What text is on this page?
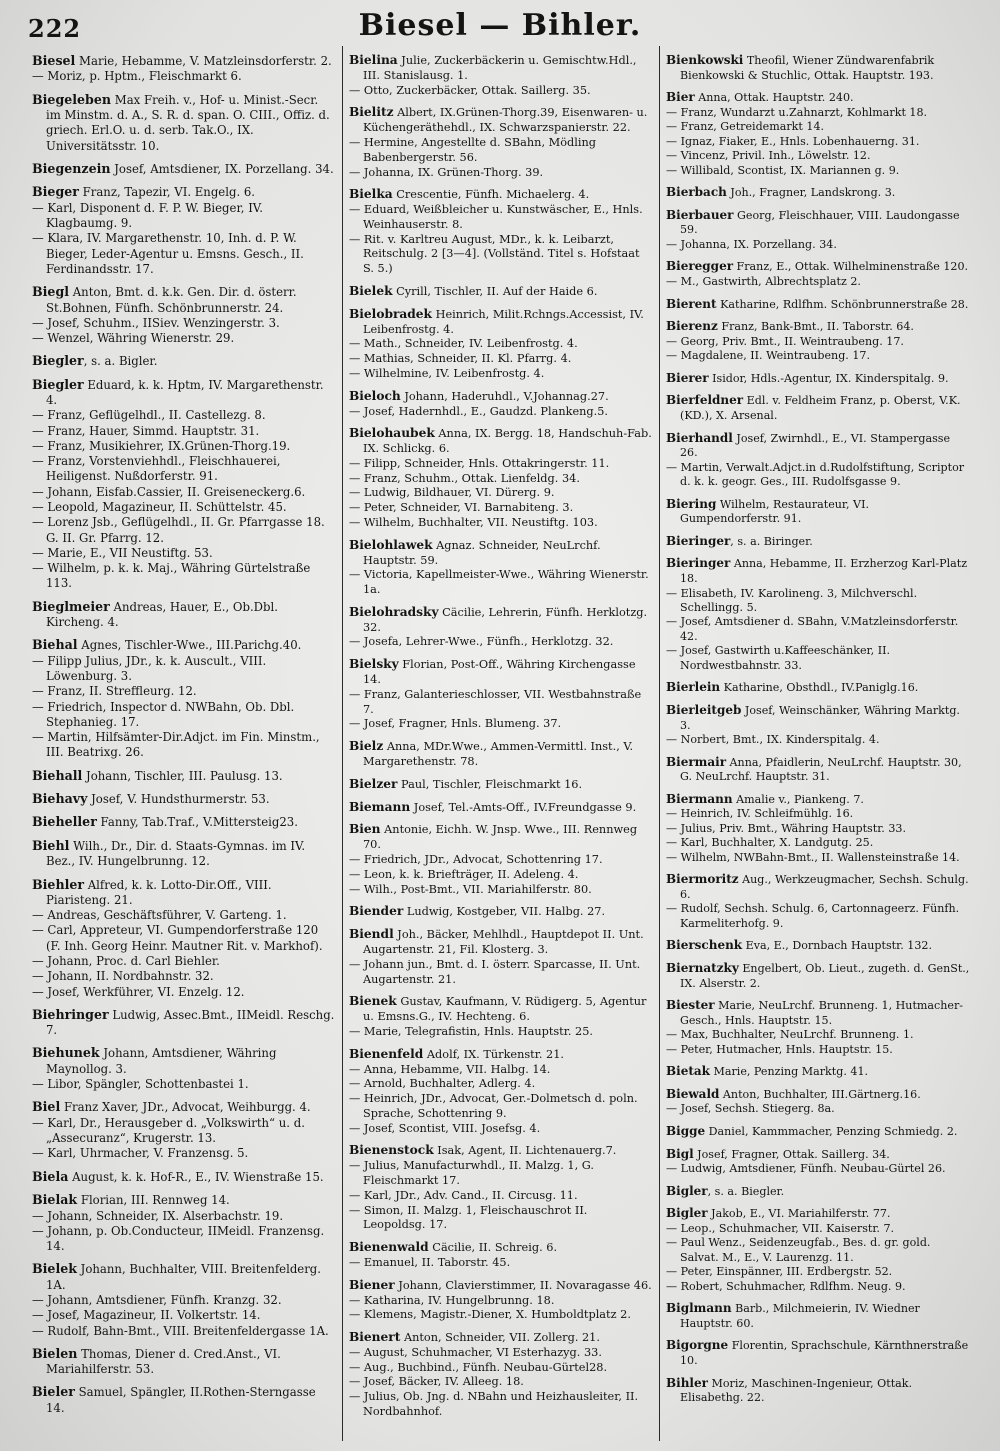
222	Biesel — Bihler.

Biesel Marie, Hebamme, V. Matzleinsdorferstr. 2.

— Moriz, p. Hptm., Fleischmarkt 6.

Biegeleben Max Freih. v., Hof- u. Minist.-Secr. im Minstm. d. A., S. R. d. span. O. CIII., Offiz. d. griech. Erl.O. u. d. serb. Tak.O., IX. Universitätsstr. 10.

Biegenzein Josef, Amtsdiener, IX. Porzellang. 34.

Bieger Franz, Tapezir, VI. Engelg. 6.

— Karl, Disponent d. F. P. W. Bieger, IV. Klagbaumg. 9.

— Klara, IV. Margarethenstr. 10, Inh. d. P. W. Bieger, Leder-Agentur u. Emsns. Gesch., II. Ferdinandsstr. 17.

Biegl Anton, Bmt. d. k.k. Gen. Dir. d. österr. St.Bohnen, Fünfh. Schönbrunnerstr. 24.

— Josef, Schuhm., IISiev. Wenzingerstr. 3.

— Wenzel, Währing Wienerstr. 29.

Biegler, s. a. Bigler.

Biegler Eduard, k. k. Hptm, IV. Margarethenstr. 4.

— Franz, Geflügelhdl., II. Castellezg. 8.

— Franz, Hauer, Simmd. Hauptstr. 31.

— Franz, Musikiehrer, IX.Grünen-Thorg.19.

— Franz, Vorstenviehhdl., Fleischhauerei, Heiligenst. Nußdorferstr. 91.

— Johann, Eisfab.Cassier, II. Greiseneckerg.6.

— Leopold, Magazineur, II. Schüttelstr. 45.

— Lorenz Jsb., Geflügelhdl., II. Gr. Pfarrgasse 18. G. II. Gr. Pfarrg. 12.

— Marie, E., VII Neustiftg. 53.

— Wilhelm, p. k. k. Maj., Währing Gürtelstraße 113.

Bieglmeier Andreas, Hauer, E., Ob.Dbl. Kircheng. 4.

Biehal Agnes, Tischler-Wwe., III.Parichg.40.

— Filipp Julius, JDr., k. k. Auscult., VIII. Löwenburg. 3.

— Franz, II. Streffleurg. 12.

— Friedrich, Inspector d. NWBahn, Ob. Dbl. Stephanieg. 17.

— Martin, Hilfsämter-Dir.Adjct. im Fin. Minstm., III. Beatrixg. 26.

Biehall Johann, Tischler, III. Paulusg. 13.

Biehavy Josef, V. Hundsthurmerstr. 53.

Bieheller Fanny, Tab.Traf., V.Mittersteig23.

Biehl Wilh., Dr., Dir. d. Staats-Gymnas. im IV. Bez., IV. Hungelbrunng. 12.

Biehler Alfred, k. k. Lotto-Dir.Off., VIII. Piaristeng. 21.

— Andreas, Geschäftsführer, V. Garteng. 1.

— Carl, Appreteur, VI. Gumpendorferstraße 120 (F. Inh. Georg Heinr. Mautner Rit. v. Markhof).

— Johann, Proc. d. Carl Biehler.

— Johann, II. Nordbahnstr. 32.

— Josef, Werkführer, VI. Enzelg. 12.

Biehringer Ludwig, Assec.Bmt., IIMeidl. Reschg. 7.

Biehunek Johann, Amtsdiener, Währing Maynollog. 3.

— Libor, Spängler, Schottenbastei 1.

Biel Franz Xaver, JDr., Advocat, Weihburgg. 4.

— Karl, Dr., Herausgeber d. „Volkswirth“ u. d. „Assecuranz“, Krugerstr. 13.

— Karl, Uhrmacher, V. Franzensg. 5.

Biela August, k. k. Hof-R., E., IV. Wienstraße 15.

Bielak Florian, III. Rennweg 14.

— Johann, Schneider, IX. Alserbachstr. 19.

— Johann, p. Ob.Conducteur, IIMeidl. Franzensg. 14.

Bielek Johann, Buchhalter, VIII. Breitenfelderg. 1A.

— Johann, Amtsdiener, Fünfh. Kranzg. 32.

— Josef, Magazineur, II. Volkertstr. 14.

— Rudolf, Bahn-Bmt., VIII. Breitenfeldergasse 1A.

Bielen Thomas, Diener d. Cred.Anst., VI. Mariahilferstr. 53.

Bieler Samuel, Spängler, II.Rothen-Sterngasse 14.

Bielina Julie, Zuckerbäckerin u. Gemischtw.Hdl., III. Stanislausg. 1.

— Otto, Zuckerbäcker, Ottak. Saillerg. 35.

Bielitz Albert, IX.Grünen-Thorg.39, Eisenwaren- u. Küchengeräthehdl., IX. Schwarzspanierstr. 22.

— Hermine, Angestellte d. SBahn, Mödling Babenbergerstr. 56.

— Johanna, IX. Grünen-Thorg. 39.

Bielka Crescentie, Fünfh. Michaelerg. 4.

— Eduard, Weißbleicher u. Kunstwäscher, E., Hnls. Weinhauserstr. 8.

— Rit. v. Karltreu August, MDr., k. k. Leibarzt, Reitschulg. 2 [3—4]. (Vollständ. Titel s. Hofstaat S. 5.)

Bielek Cyrill, Tischler, II. Auf der Haide 6.

Bielobradek Heinrich, Milit.Rchngs.Accessist, IV. Leibenfrostg. 4.

— Math., Schneider, IV. Leibenfrostg. 4.

— Mathias, Schneider, II. Kl. Pfarrg. 4.

— Wilhelmine, IV. Leibenfrostg. 4.

Bieloch Johann, Haderuhdl., V.Johannag.27.

— Josef, Hadernhdl., E., Gaudzd. Plankeng.5.

Bielohaubek Anna, IX. Bergg. 18, Handschuh-Fab. IX. Schlickg. 6.

— Filipp, Schneider, Hnls. Ottakringerstr. 11.

— Franz, Schuhm., Ottak. Lienfeldg. 34.

— Ludwig, Bildhauer, VI. Dürerg. 9.

— Peter, Schneider, VI. Barnabiteng. 3.

— Wilhelm, Buchhalter, VII. Neustiftg. 103.

Bielohlawek Agnaz. Schneider, NeuLrchf. Hauptstr. 59.

— Victoria, Kapellmeister-Wwe., Währing Wienerstr. 1a.

Bielohradsky Cäcilie, Lehrerin, Fünfh. Herklotzg. 32.

— Josefa, Lehrer-Wwe., Fünfh., Herklotzg. 32.

Bielsky Florian, Post-Off., Währing Kirchengasse 14.

— Franz, Galanterieschlosser, VII. Westbahnstraße 7.

— Josef, Fragner, Hnls. Blumeng. 37.

Bielz Anna, MDr.Wwe., Ammen-Vermittl. Inst., V. Margarethenstr. 78.

Bielzer Paul, Tischler, Fleischmarkt 16.

Biemann Josef, Tel.-Amts-Off., IV.Freundgasse 9.

Bien Antonie, Eichh. W. Jnsp. Wwe., III. Rennweg 70.

— Friedrich, JDr., Advocat, Schottenring 17.

— Leon, k. k. Briefträger, II. Adeleng. 4.

— Wilh., Post-Bmt., VII. Mariahilferstr. 80.

Biender Ludwig, Kostgeber, VII. Halbg. 27.

Biendl Joh., Bäcker, Mehlhdl., Hauptdepot II. Unt. Augartenstr. 21, Fil. Klosterg. 3.

— Johann jun., Bmt. d. I. österr. Sparcasse, II. Unt. Augartenstr. 21.

Bienek Gustav, Kaufmann, V. Rüdigerg. 5, Agentur u. Emsns.G., IV. Hechteng. 6.

— Marie, Telegrafistin, Hnls. Hauptstr. 25.

Bienenfeld Adolf, IX. Türkenstr. 21.

— Anna, Hebamme, VII. Halbg. 14.

— Arnold, Buchhalter, Adlerg. 4.

— Heinrich, JDr., Advocat, Ger.-Dolmetsch d. poln. Sprache, Schottenring 9.

— Josef, Scontist, VIII. Josefsg. 4.

Bienenstock Isak, Agent, II. Lichtenauerg.7.

— Julius, Manufacturwhdl., II. Malzg. 1, G. Fleischmarkt 17.

— Karl, JDr., Adv. Cand., II. Circusg. 11.

— Simon, II. Malzg. 1, Fleischauschrot II. Leopoldsg. 17.

Bienenwald Cäcilie, II. Schreig. 6.

— Emanuel, II. Taborstr. 45.

Biener Johann, Clavierstimmer, II. Novaragasse 46.

— Katharina, IV. Hungelbrunng. 18.

— Klemens, Magistr.-Diener, X. Humboldtplatz 2.

Bienert Anton, Schneider, VII. Zollerg. 21.

— August, Schuhmacher, VI Esterhazyg. 33.

— Aug., Buchbind., Fünfh. Neubau-Gürtel28.

— Josef, Bäcker, IV. Alleeg. 18.

— Julius, Ob. Jng. d. NBahn und Heizhausleiter, II. Nordbahnhof.

Bienkowski Theofil, Wiener Zündwarenfabrik Bienkowski & Stuchlic, Ottak. Hauptstr. 193.

Bier Anna, Ottak. Hauptstr. 240.

— Franz, Wundarzt u.Zahnarzt, Kohlmarkt 18.

— Franz, Getreidemarkt 14.

— Ignaz, Fiaker, E., Hnls. Lobenhauerng. 31.

— Vincenz, Privil. Inh., Löwelstr. 12.

— Willibald, Scontist, IX. Mariannen g. 9.

Bierbach Joh., Fragner, Landskrong. 3.

Bierbauer Georg, Fleischhauer, VIII. Laudongasse 59.

— Johanna, IX. Porzellang. 34.

Bieregger Franz, E., Ottak. Wilhelminenstraße 120.

— M., Gastwirth, Albrechtsplatz 2.

Bierent Katharine, Rdlfhm. Schönbrunnerstraße 28.

Bierenz Franz, Bank-Bmt., II. Taborstr. 64.

— Georg, Priv. Bmt., II. Weintraubeng. 17.

— Magdalene, II. Weintraubeng. 17.

Bierer Isidor, Hdls.-Agentur, IX. Kinderspitalg. 9.

Bierfeldner Edl. v. Feldheim Franz, p. Oberst, V.K. (KD.), X. Arsenal.

Bierhandl Josef, Zwirnhdl., E., VI. Stampergasse 26.

— Martin, Verwalt.Adjct.in d.Rudolfstiftung, Scriptor d. k. k. geogr. Ges., III. Rudolfsgasse 9.

Biering Wilhelm, Restaurateur, VI. Gumpendorferstr. 91.

Bieringer, s. a. Biringer.

Bieringer Anna, Hebamme, II. Erzherzog Karl-Platz 18.

— Elisabeth, IV. Karolineng. 3, Milchverschl. Schellingg. 5.

— Josef, Amtsdiener d. SBahn, V.Matzleinsdorferstr. 42.

— Josef, Gastwirth u.Kaffeeschänker, II. Nordwestbahnstr. 33.

Bierlein Katharine, Obsthdl., IV.Paniglg.16.

Bierleitgeb Josef, Weinschänker, Währing Marktg. 3.

— Norbert, Bmt., IX. Kinderspitalg. 4.

Biermair Anna, Pfaidlerin, NeuLrchf. Hauptstr. 30, G. NeuLrchf. Hauptstr. 31.

Biermann Amalie v., Piankeng. 7.

— Heinrich, IV. Schleifmühlg. 16.

— Julius, Priv. Bmt., Währing Hauptstr. 33.

— Karl, Buchhalter, X. Landgutg. 25.

— Wilhelm, NWBahn-Bmt., II. Wallensteinstraße 14.

Biermoritz Aug., Werkzeugmacher, Sechsh. Schulg. 6.

— Rudolf, Sechsh. Schulg. 6, Cartonnageerz. Fünfh. Karmeliterhofg. 9.

Bierschenk Eva, E., Dornbach Hauptstr. 132.

Biernatzky Engelbert, Ob. Lieut., zugeth. d. GenSt., IX. Alserstr. 2.

Biester Marie, NeuLrchf. Brunneng. 1, Hutmacher-Gesch., Hnls. Hauptstr. 15.

— Max, Buchhalter, NeuLrchf. Brunneng. 1.

— Peter, Hutmacher, Hnls. Hauptstr. 15.

Bietak Marie, Penzing Marktg. 41.

Biewald Anton, Buchhalter, III.Gärtnerg.16.

— Josef, Sechsh. Stiegerg. 8a.

Bigge Daniel, Kammmacher, Penzing Schmiedg. 2.

Bigl Josef, Fragner, Ottak. Saillerg. 34.

— Ludwig, Amtsdiener, Fünfh. Neubau-Gürtel 26.

Bigler, s. a. Biegler.

Bigler Jakob, E., VI. Mariahilferstr. 77.

— Leop., Schuhmacher, VII. Kaiserstr. 7.

— Paul Wenz., Seidenzeugfab., Bes. d. gr. gold. Salvat. M., E., V. Laurenzg. 11.

— Peter, Einspänner, III. Erdbergstr. 52.

— Robert, Schuhmacher, Rdlfhm. Neug. 9.

Biglmann Barb., Milchmeierin, IV. Wiedner Hauptstr. 60.

Bigorgne Florentin, Sprachschule, Kärnthnerstraße 10.

Bihler Moriz, Maschinen-Ingenieur, Ottak. Elisabethg. 22.
